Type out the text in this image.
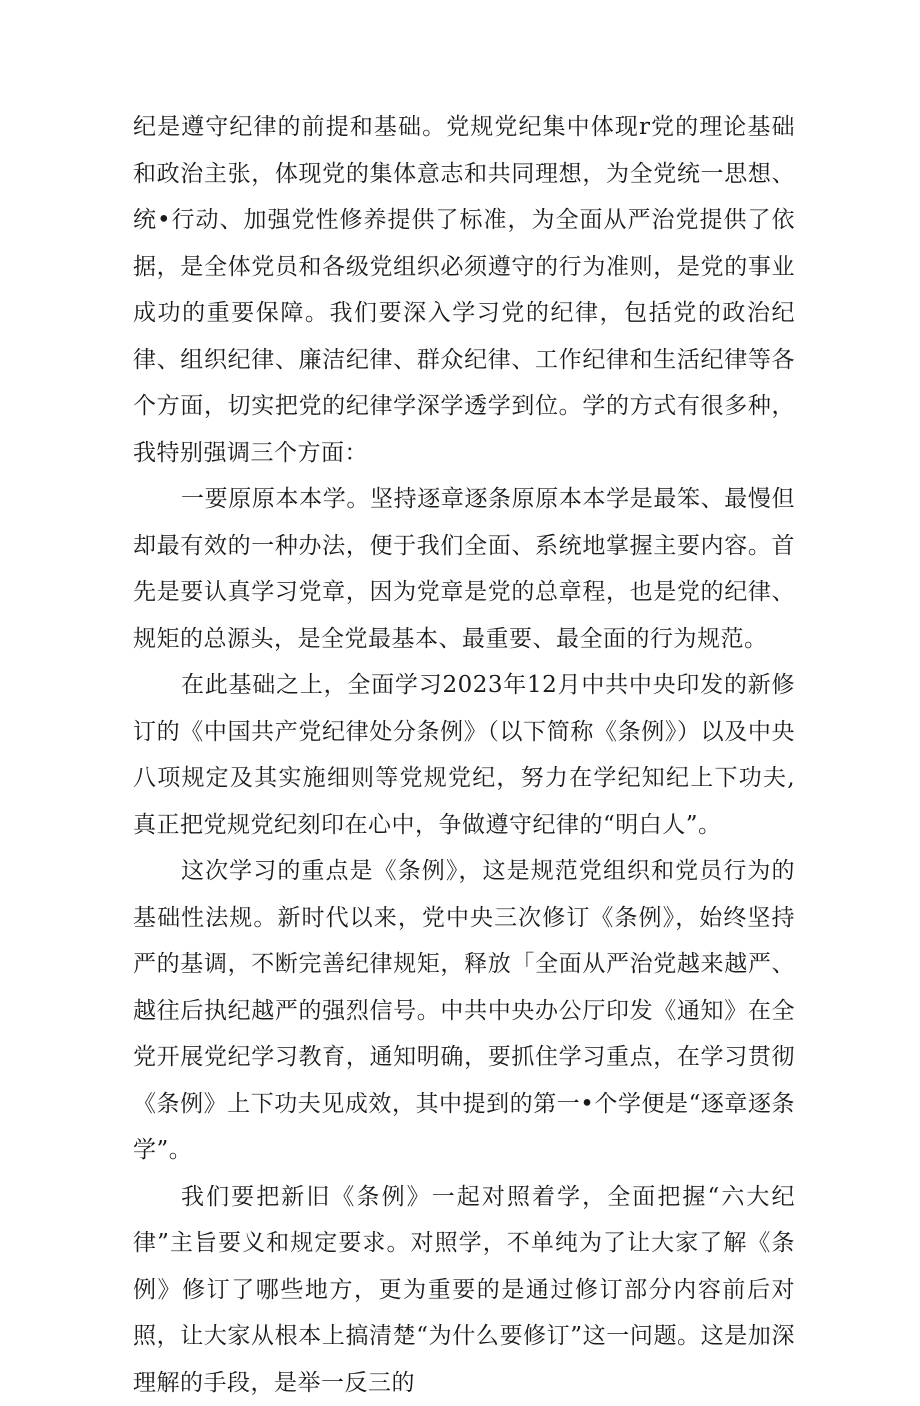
纪是遵守纪律的前提和基础。党规党纪集中体现r党的理论基础和政治主张，体现党的集体意志和共同理想，为全党统一思想、统•行动、加强党性修养提供了标准，为全面从严治党提供了依据，是全体党员和各级党组织必须遵守的行为准则，是党的事业成功的重要保障。我们要深入学习党的纪律，包括党的政治纪律、组织纪律、廉洁纪律、群众纪律、工作纪律和生活纪律等各个方面，切实把党的纪律学深学透学到位。学的方式有很多种，我特别强调三个方面：

一要原原本本学。坚持逐章逐条原原本本学是最笨、最慢但却最有效的一种办法，便于我们全面、系统地掌握主要内容。首先是要认真学习党章，因为党章是党的总章程，也是党的纪律、规矩的总源头，是全党最基本、最重要、最全面的行为规范。

在此基础之上，全面学习2023年12月中共中央印发的新修订的《中国共产党纪律处分条例》（以下简称《条例》）以及中央八项规定及其实施细则等党规党纪，努力在学纪知纪上下功夫,真正把党规党纪刻印在心中，争做遵守纪律的“明白人”。

这次学习的重点是《条例》，这是规范党组织和党员行为的基础性法规。新时代以来，党中央三次修订《条例》，始终坚持严的基调，不断完善纪律规矩，释放「全面从严治党越来越严、越往后执纪越严的强烈信号。中共中央办公厅印发《通知》在全党开展党纪学习教育，通知明确，要抓住学习重点，在学习贯彻《条例》上下功夫见成效，其中提到的第一•个学便是“逐章逐条学”。

我们要把新旧《条例》一起对照着学，全面把握“六大纪律”主旨要义和规定要求。对照学，不单纯为了让大家了解《条例》修订了哪些地方，更为重要的是通过修订部分内容前后对照，让大家从根本上搞清楚“为什么要修订”这一问题。这是加深理解的手段，是举一反三的
